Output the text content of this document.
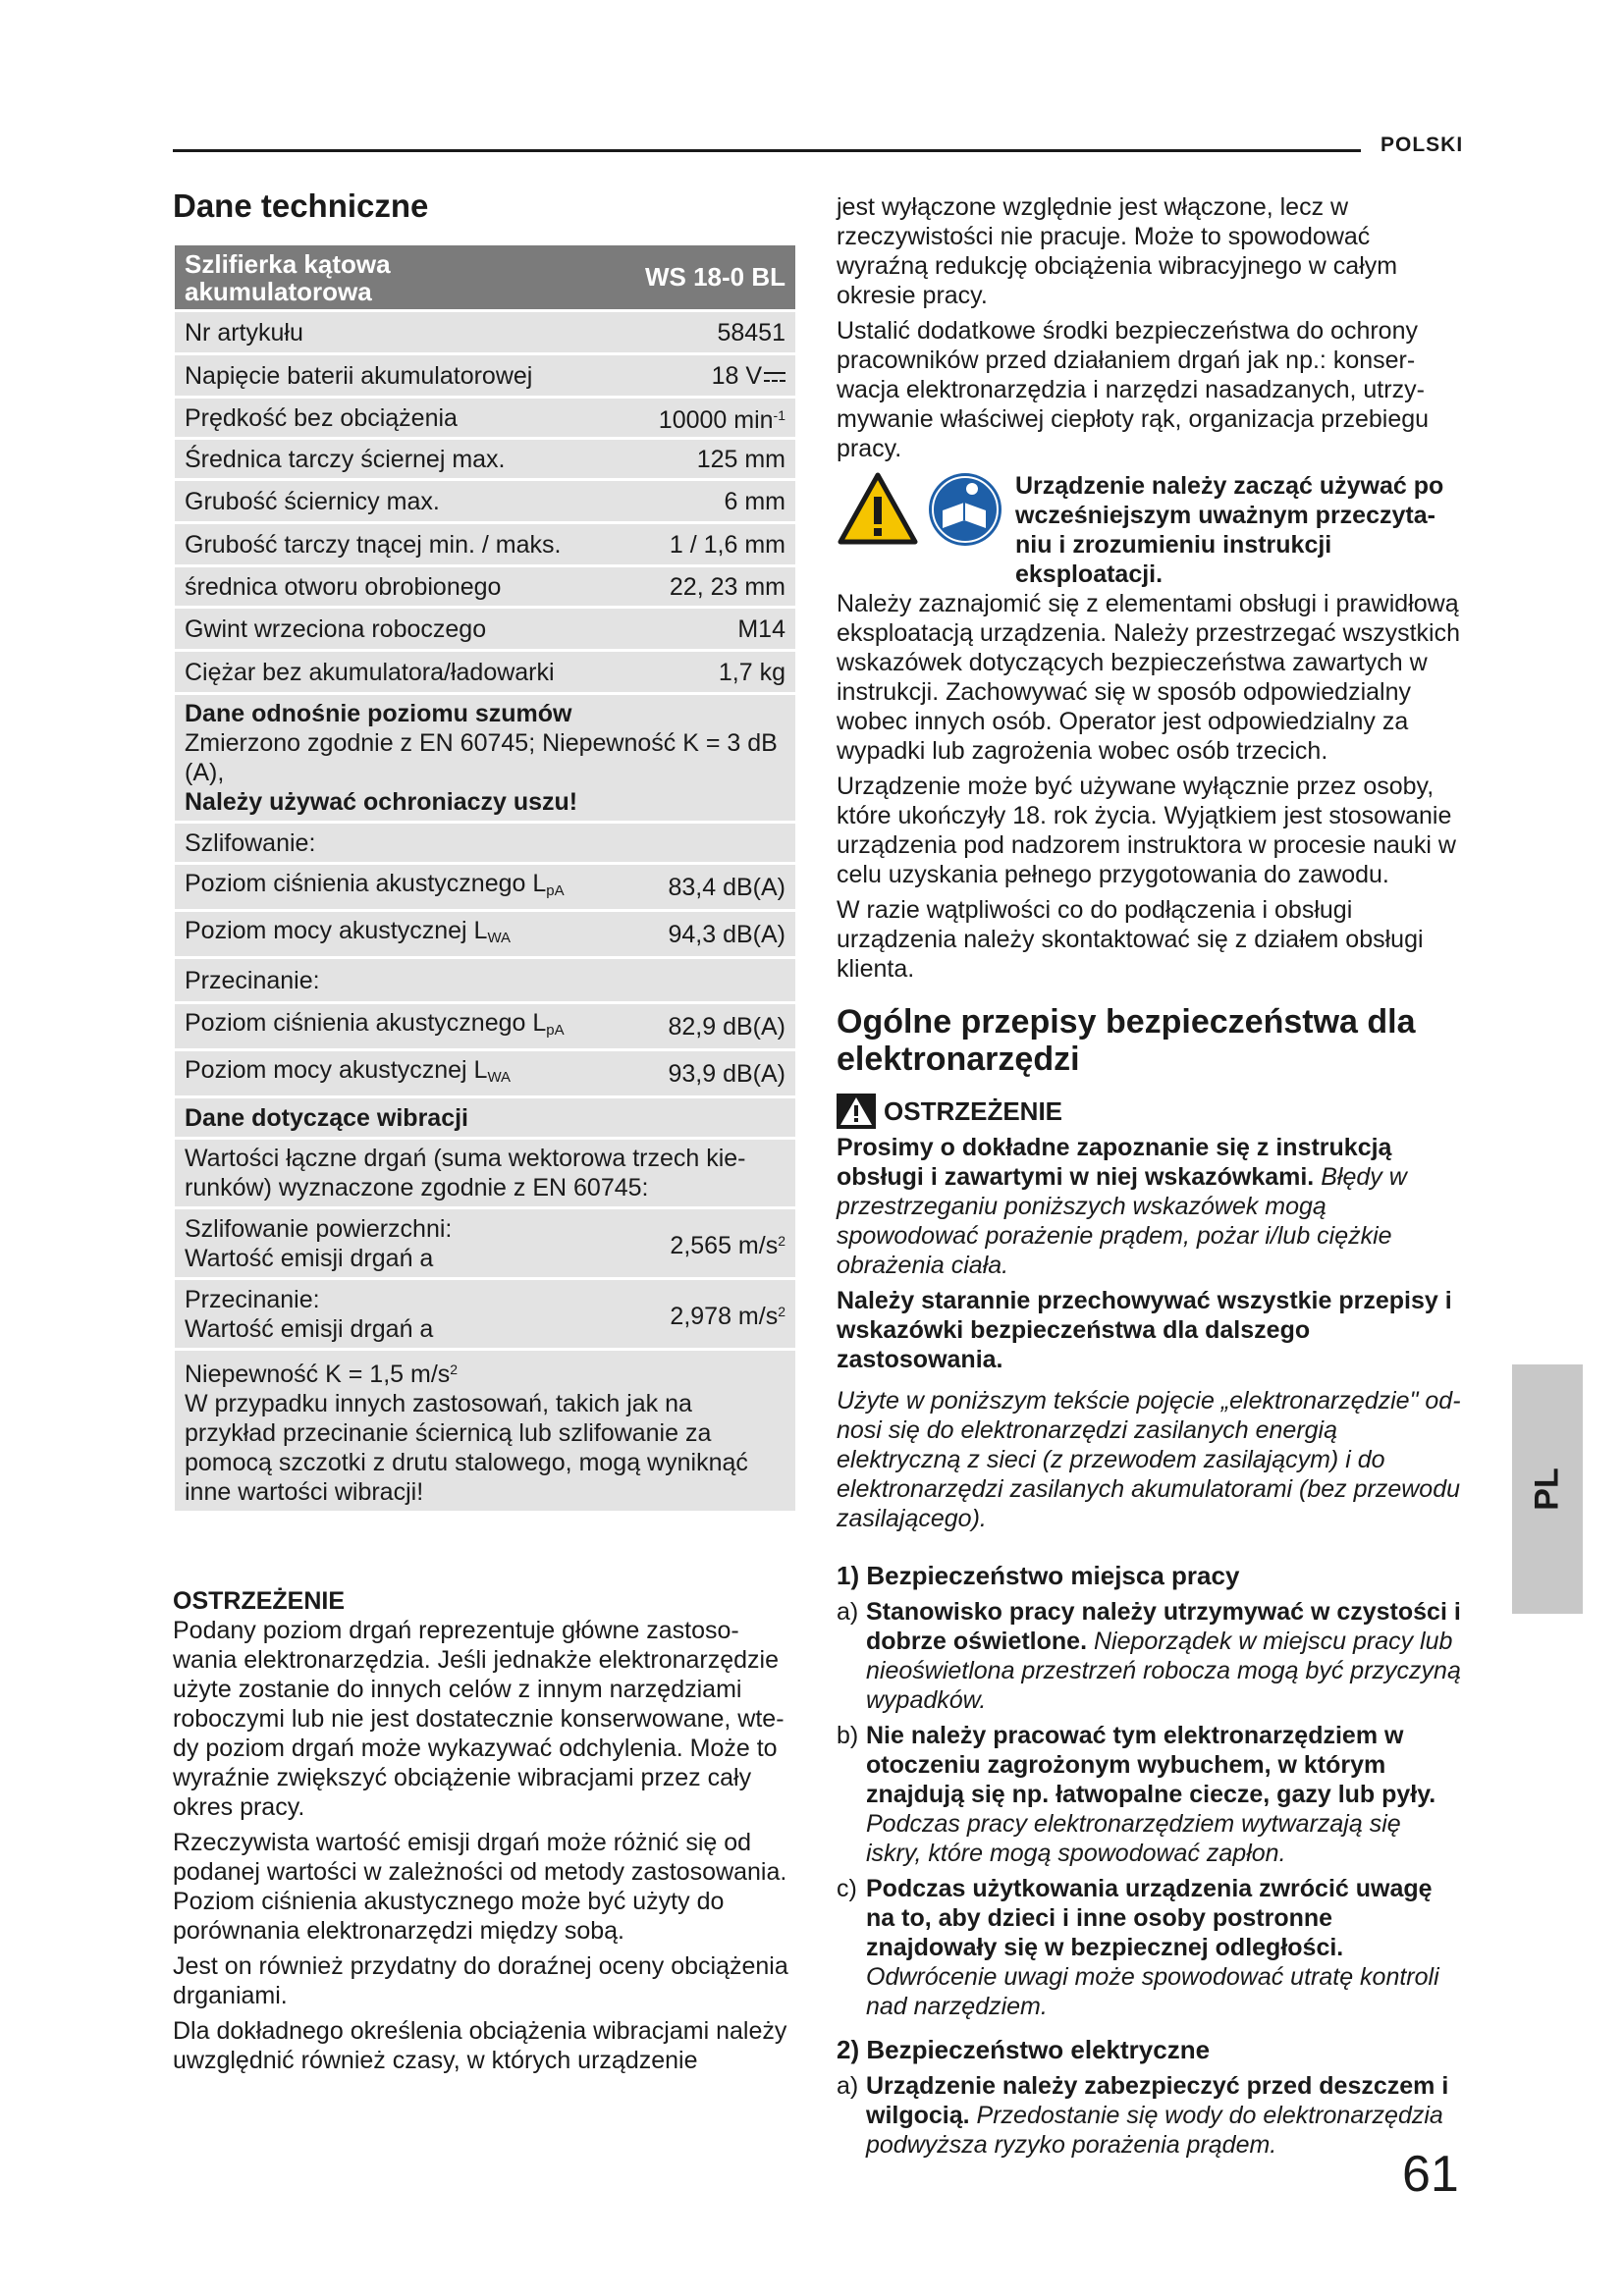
POLSKI
PL
61
Dane techniczne
Szlifierka kątowa akumulatorowa	WS 18-0 BL
Nr artykułu	58451
Napięcie baterii akumulatorowej	18 V
Prędkość bez obciążenia	10000 $\min^{-1}$
Średnica tarczy ściernej max.	125 mm
Grubość ściernicy max.	6 mm
Grubość tarczy tnącej min. / maks.	1 / 1,6 mm
średnica otworu obrobionego	22, 23 mm
Gwint wrzeciona roboczego	M14
Ciężar bez akumulatora/ładowarki	1,7 kg
Dane odnośnie poziomu szumów
Zmierzono zgodnie z EN 60745; Niepewność K = 3 dB (A),
Należy używać ochroniaczy uszu!
Szlifowanie:
Poziom ciśnienia akustycznego $L_{pA}$	83,4 dB(A)
Poziom mocy akustycznej $L_{WA}$	94,3 dB(A)
Przecinanie:
Poziom ciśnienia akustycznego $L_{pA}$	82,9 dB(A)
Poziom mocy akustycznej $L_{WA}$	93,9 dB(A)
Dane dotyczące wibracji
Wartości łączne drgań (suma wektorowa trzech kie-runków) wyznaczone zgodnie z EN 60745:
Szlifowanie powierzchni:
Wartość emisji drgań a	2,565 $m/s^2$
Przecinanie:
Wartość emisji drgań a	2,978 $m/s^2$
Niepewność K = 1,5 $m/s^2$
W przypadku innych zastosowań, takich jak na przykład przecinanie ściernicą lub szlifowanie za pomocą szczotki z drutu stalowego, mogą wyniknąć inne wartości wibracji!
OSTRZEŻENIE

Podany poziom drgań reprezentuje główne zastoso-wania elektronarzędzia. Jeśli jednakże elektronarzędzie użyte zostanie do innych celów z innym narzędziami roboczymi lub nie jest dostatecznie konserwowane, wte-dy poziom drgań może wykazywać odchylenia. Może to wyraźnie zwiększyć obciążenie wibracjami przez cały okres pracy.

Rzeczywista wartość emisji drgań może różnić się od podanej wartości w zależności od metody zastosowania. Poziom ciśnienia akustycznego może być użyty do porównania elektronarzędzi między sobą.

Jest on również przydatny do doraźnej oceny obciążenia drganiami.

Dla dokładnego określenia obciążenia wibracjami należy uwzględnić również czasy, w których urządzenie

jest wyłączone względnie jest włączone, lecz w rzeczywistości nie pracuje. Może to spowodować wyraźną redukcję obciążenia wibracyjnego w całym okresie pracy.

Ustalić dodatkowe środki bezpieczeństwa do ochrony pracowników przed działaniem drgań jak np.: konser-wacja elektronarzędzia i narzędzi nasadzanych, utrzy-mywanie właściwej ciepłoty rąk, organizacja przebiegu pracy.

Urządzenie należy zacząć używać po wcześniejszym uważnym przeczyta-niu i zrozumieniu instrukcji eksploatacji.

Należy zaznajomić się z elementami obsługi i prawidłową eksploatacją urządzenia. Należy przestrzegać wszystkich wskazówek dotyczących bezpieczeństwa zawartych w instrukcji. Zachowywać się w sposób odpowiedzialny wobec innych osób. Operator jest odpowiedzialny za wypadki lub zagrożenia wobec osób trzecich.

Urządzenie może być używane wyłącznie przez osoby, które ukończyły 18. rok życia. Wyjątkiem jest stosowanie urządzenia pod nadzorem instruktora w procesie nauki w celu uzyskania pełnego przygotowania do zawodu.

W razie wątpliwości co do podłączenia i obsługi urządzenia należy skontaktować się z działem obsługi klienta.

Ogólne przepisy bezpieczeństwa dla elektronarzędzi
OSTRZEŻENIE

Prosimy o dokładne zapoznanie się z instrukcją obsługi i zawartymi w niej wskazówkami. Błędy w przestrzeganiu poniższych wskazówek mogą spowodować porażenie prądem, pożar i/lub ciężkie obrażenia ciała.

Należy starannie przechowywać wszystkie przepisy i wskazówki bezpieczeństwa dla dalszego zastosowania.

Użyte w poniższym tekście pojęcie „elektronarzędzie" od-nosi się do elektronarzędzi zasilanych energią elektryczną z sieci (z przewodem zasilającym) i do elektronarzędzi zasilanych akumulatorami (bez przewodu zasilającego).

1) Bezpieczeństwo miejsca pracy
a) Stanowisko pracy należy utrzymywać w czystości i dobrze oświetlone. Nieporządek w miejscu pracy lub nieoświetlona przestrzeń robocza mogą być przyczyną wypadków.
b) Nie należy pracować tym elektronarzędziem w otoczeniu zagrożonym wybuchem, w którym znajdują się np. łatwopalne ciecze, gazy lub pyły. Podczas pracy elektronarzędziem wytwarzają się iskry, które mogą spowodować zapłon.
c) Podczas użytkowania urządzenia zwrócić uwagę na to, aby dzieci i inne osoby postronne znajdowały się w bezpiecznej odległości. Odwrócenie uwagi może spowodować utratę kontroli nad narzędziem.
2) Bezpieczeństwo elektryczne
a) Urządzenie należy zabezpieczyć przed deszczem i wilgocią. Przedostanie się wody do elektronarzędzia podwyższa ryzyko porażenia prądem.
